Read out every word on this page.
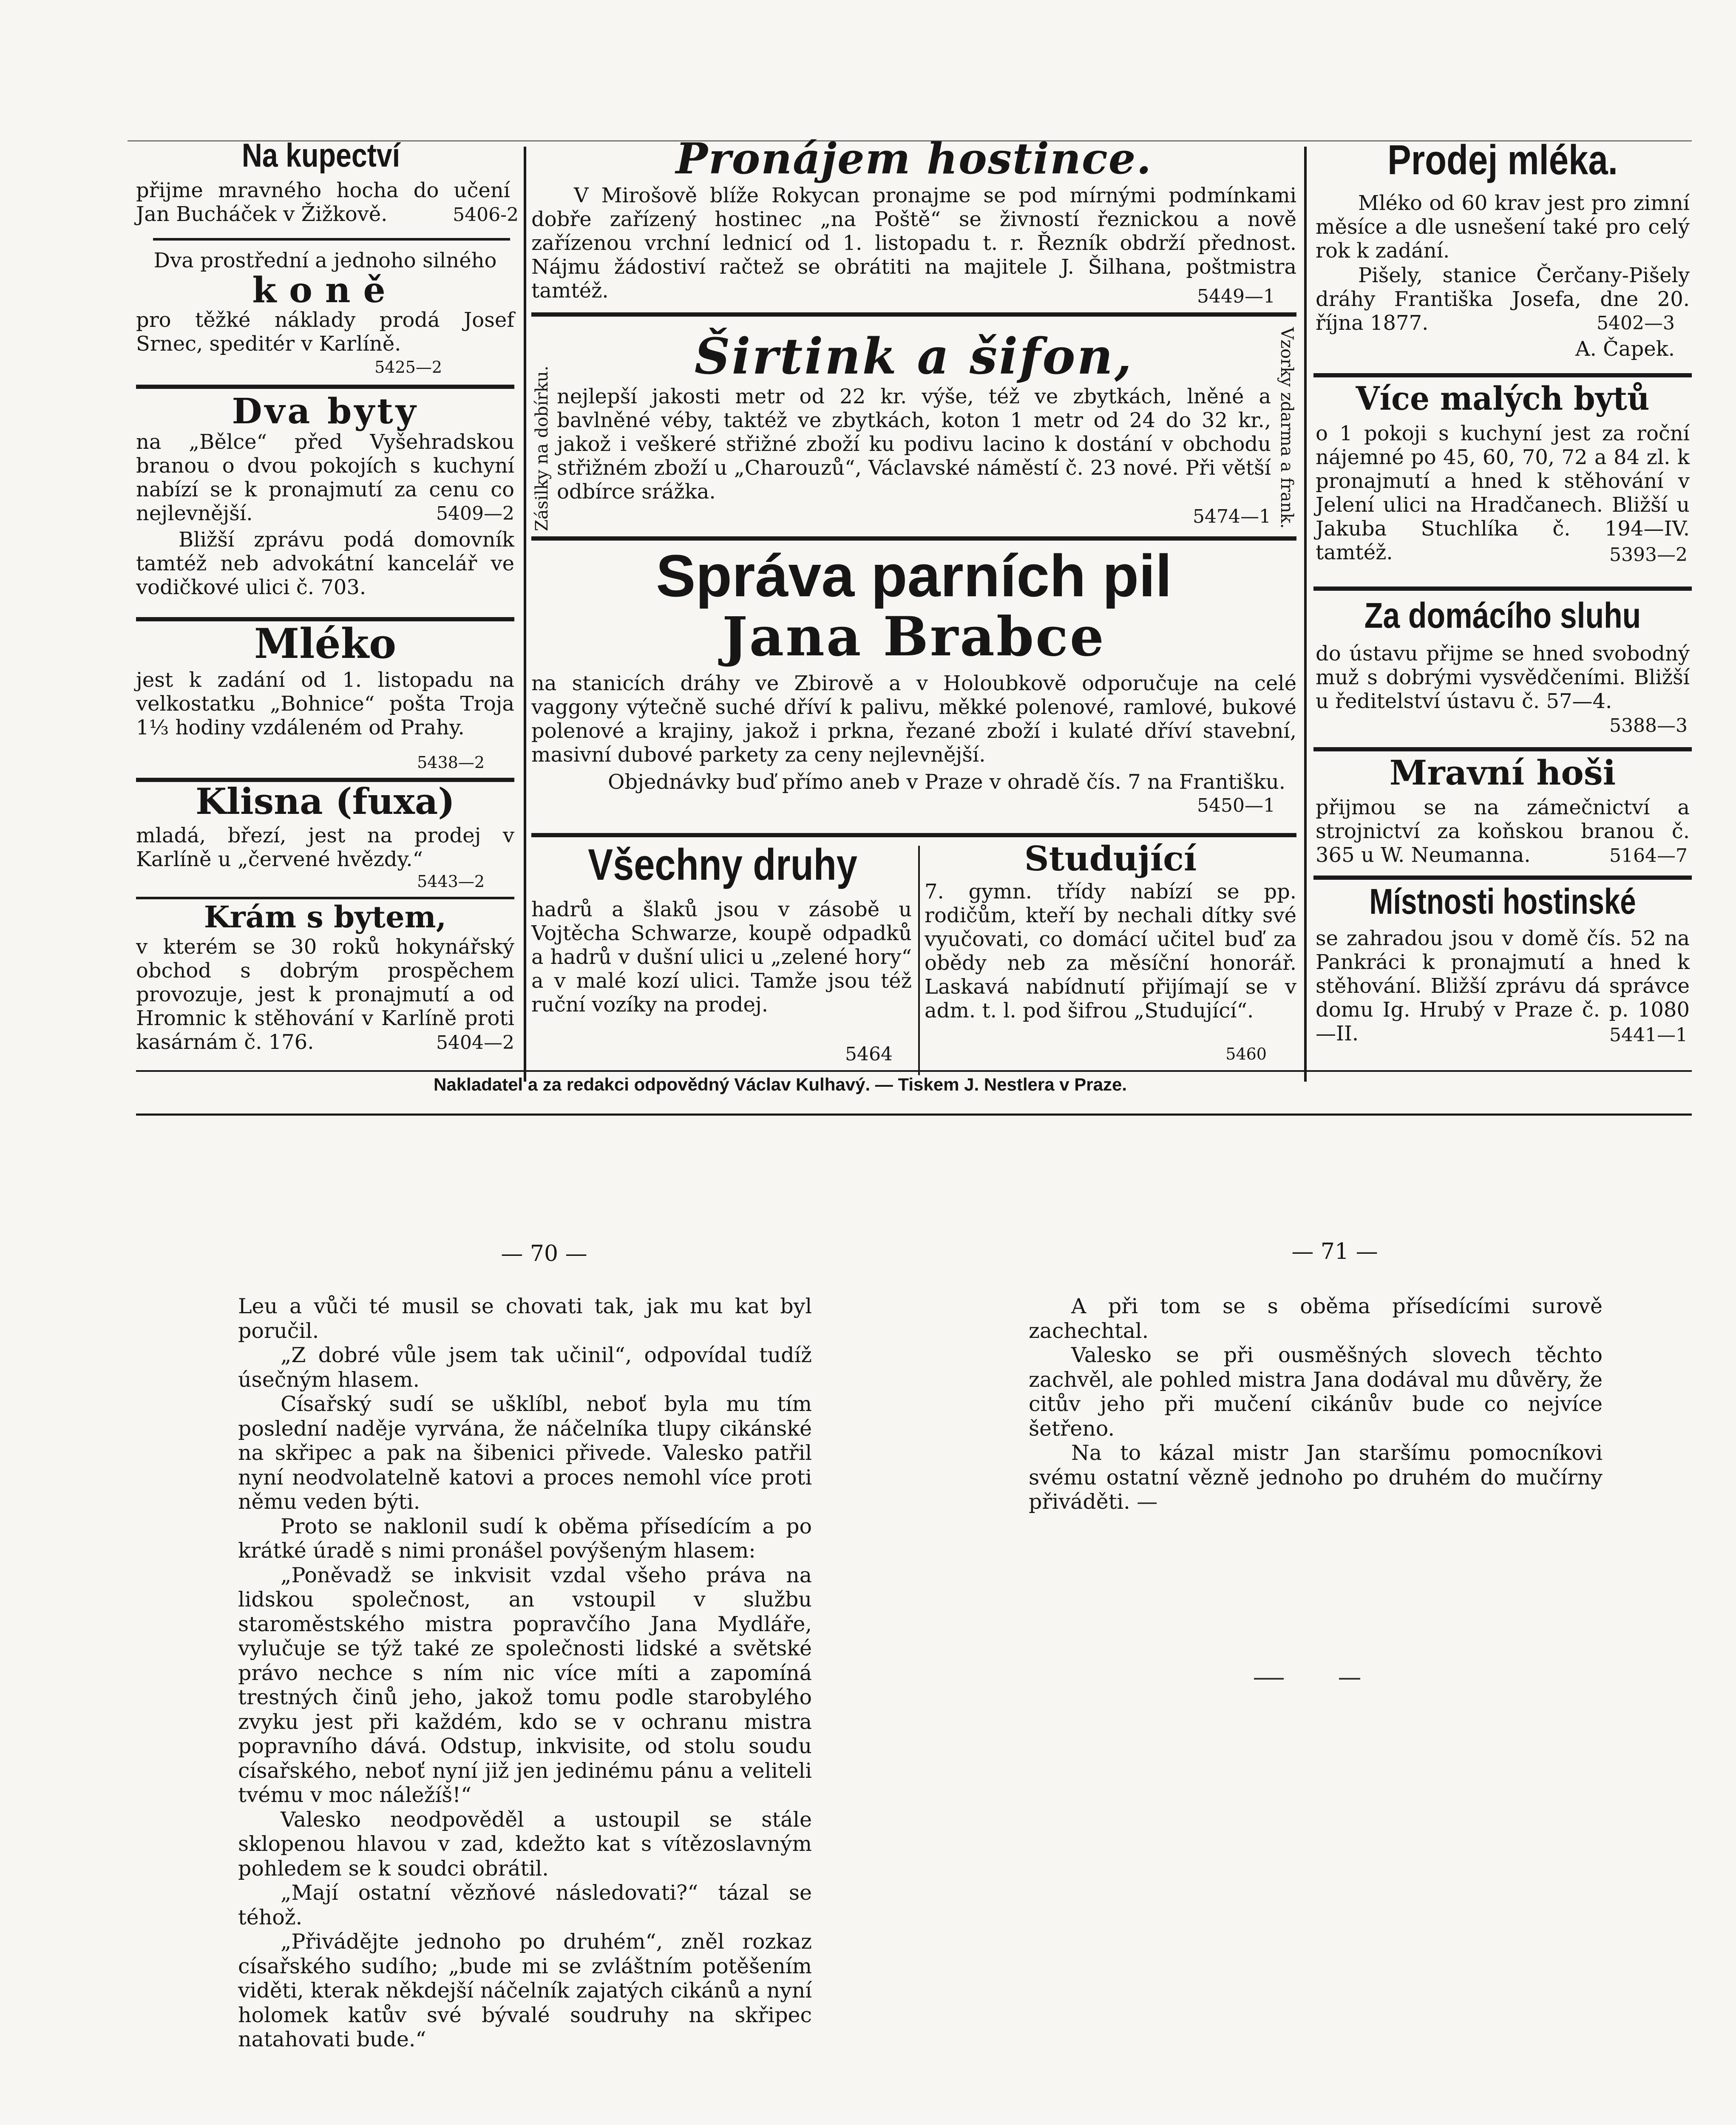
Na kupectví
přijme mravného hocha do učení Jan Bucháček v Žižkově.	5406-2
Dva prostřední a jednoho silného
koně
pro těžké náklady prodá Josef Srnec, speditér v Karlíně.
5425—2
Dva byty
na „Bělce“ před Vyšehradskou branou o dvou pokojích s kuchyní nabízí se k pronajmutí za cenu co nejlevnější.	5409—2
Bližší zprávu podá domovník tamtéž neb advokátní kancelář ve vodičkové ulici č. 703.
Mléko
jest k zadání od 1. listopadu na velkostatku „Bohnice“ pošta Troja 1⅓ hodiny vzdáleném od Prahy.
5438—2
Klisna (fuxa)
mladá, březí, jest na prodej v Karlíně u „červené hvězdy.“
5443—2
Krám s bytem,
v kterém se 30 roků hokynářský obchod s dobrým prospěchem provozuje, jest k pronajmutí a od Hromnic k stěhování v Karlíně proti kasárnám č. 176.	5404—2
Pronájem hostince.
V Mirošově blíže Rokycan pronajme se pod mírnými podmínkami dobře zařízený hostinec „na Poště“ se živností řeznickou a nově zařízenou vrchní lednicí od 1. listopadu t. r. Řezník obdrží přednost. Nájmu žádostiví račtež se obrátiti na majitele J. Šilhana, poštmistra tamtéž.	5449—1
Zásilky na dobírku.	Vzorky zdarma a frank.
Širtink a šifon,
nejlepší jakosti metr od 22 kr. výše, též ve zbytkách, lněné a bavlněné véby, taktéž ve zbytkách, koton 1 metr od 24 do 32 kr., jakož i veškeré střižné zboží ku podivu lacino k dostání v obchodu střižném zboží u „Charouzů“, Václavské náměstí č. 23 nové. Při větší odbírce srážka.
5474—1
Správa parních pil
Jana Brabce
na stanicích dráhy ve Zbirově a v Holoubkově odporučuje na celé vaggony výtečně suché dříví k palivu, měkké polenové, ramlové, bukové polenové a krajiny, jakož i prkna, řezané zboží i kulaté dříví stavební, masivní dubové parkety za ceny nejlevnější.
Objednávky buď přímo aneb v Praze v ohradě čís. 7 na Františku.
5450—1
Všechny druhy
hadrů a šlaků jsou v zásobě u Vojtěcha Schwarze, koupě odpadků a hadrů v dušní ulici u „zelené hory“ a v malé kozí ulici. Tamže jsou též ruční vozíky na prodej.
5464
Studující
7. gymn. třídy nabízí se pp. rodičům, kteří by nechali dítky své vyučovati, co domácí učitel buď za obědy neb za měsíční honorář. Laskavá nabídnutí přijímají se v adm. t. l. pod šifrou „Studující“.
5460
Prodej mléka.
Mléko od 60 krav jest pro zimní měsíce a dle usnešení také pro celý rok k zadání.
Pišely, stanice Čerčany-Pišely dráhy Františka Josefa, dne 20. října 1877.	5402—3
A. Čapek.
Více malých bytů
o 1 pokoji s kuchyní jest za roční nájemné po 45, 60, 70, 72 a 84 zl. k pronajmutí a hned k stěhování v Jelení ulici na Hradčanech. Bližší u Jakuba Stuchlíka č. 194—IV. tamtéž.	5393—2
Za domácího sluhu
do ústavu přijme se hned svobodný muž s dobrými vysvědčeními. Bližší u ředitelství ústavu č. 57—4.
5388—3
Mravní hoši
přijmou se na zámečnictví a strojnictví za koňskou branou č. 365 u W. Neumanna.	5164—7
Místnosti hostinské
se zahradou jsou v domě čís. 52 na Pankráci k pronajmutí a hned k stěhování. Bližší zprávu dá správce domu Ig. Hrubý v Praze č. p. 1080—II.	5441—1
Nakladatel a za redakci odpovědný Václav Kulhavý. — Tiskem J. Nestlera v Praze.
— 70 —	— 71 —

Leu a vůči té musil se chovati tak, jak mu kat byl poručil.

„Z dobré vůle jsem tak učinil“, odpovídal tudíž úsečným hlasem.

Císařský sudí se ušklíbl, neboť byla mu tím poslední naděje vyrvána, že náčelníka tlupy cikánské na skřipec a pak na šibenici přivede. Valesko patřil nyní neodvolatelně katovi a proces nemohl více proti němu veden býti.

Proto se naklonil sudí k oběma přísedícím a po krátké úradě s nimi pronášel povýšeným hlasem:

„Poněvadž se inkvisit vzdal všeho práva na lidskou společnost, an vstoupil v službu staroměstského mistra popravčího Jana Mydláře, vylučuje se týž také ze společnosti lidské a světské právo nechce s ním nic více míti a zapomíná trestných činů jeho, jakož tomu podle starobylého zvyku jest při každém, kdo se v ochranu mistra popravního dává. Odstup, inkvisite, od stolu soudu císařského, neboť nyní již jen jedinému pánu a veliteli tvému v moc náležíš!“

Valesko neodpověděl a ustoupil se stále sklopenou hlavou v zad, kdežto kat s vítězoslavným pohledem se k soudci obrátil.

„Mají ostatní vězňové následovati?“ tázal se téhož.

„Přivádějte jednoho po druhém“, zněl rozkaz císařského sudího; „bude mi se zvláštním potěšením viděti, kterak někdejší náčelník zajatých cikánů a nyní holomek katův své bývalé soudruhy na skřipec natahovati bude.“

A při tom se s oběma přísedícími surově zachechtal.

Valesko se při ousměšných slovech těchto zachvěl, ale pohled mistra Jana dodával mu důvěry, že citův jeho při mučení cikánův bude co nejvíce šetřeno.

Na to kázal mistr Jan staršímu pomocníkovi svému ostatní vězně jednoho po druhém do mučírny přiváděti. —
